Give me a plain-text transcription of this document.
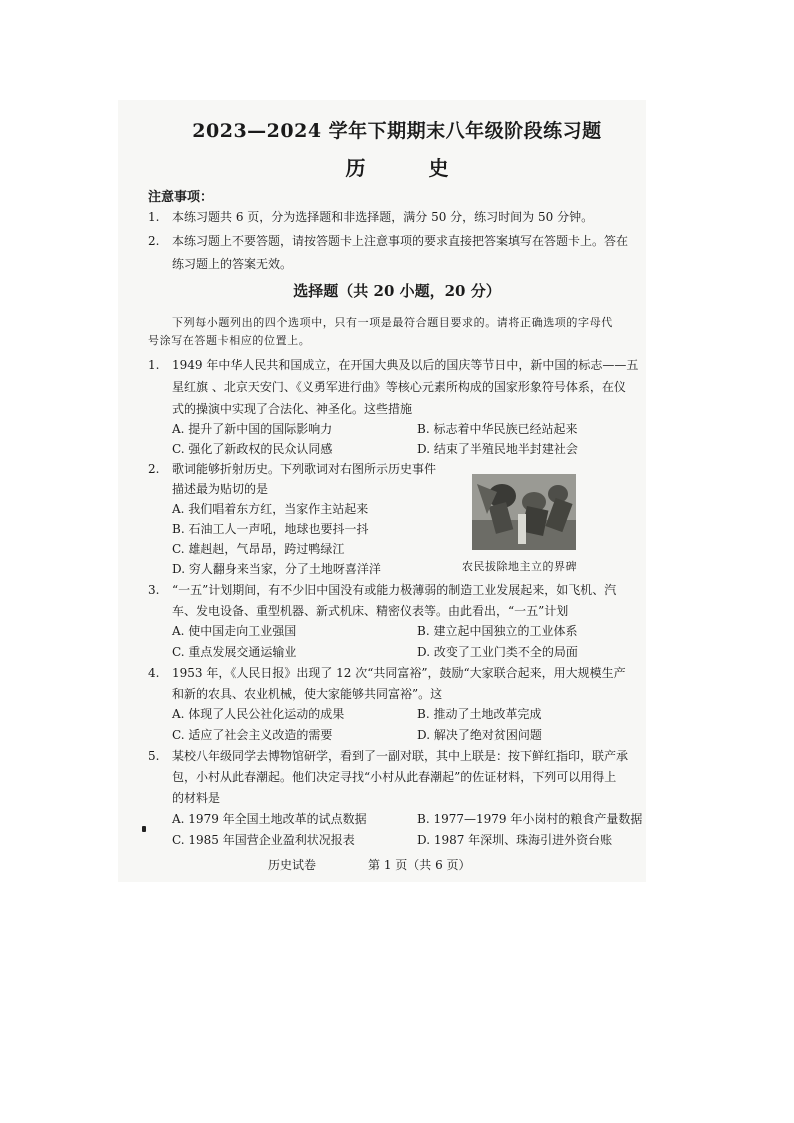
2023—2024 学年下期期末八年级阶段练习题
历 史
注意事项：
1. 本练习题共 6 页，分为选择题和非选择题，满分 50 分，练习时间为 50 分钟。
2. 本练习题上不要答题，请按答题卡上注意事项的要求直接把答案填写在答题卡上。答在
练习题上的答案无效。
选择题（共 20 小题，20 分）
下列每小题列出的四个选项中，只有一项是最符合题目要求的。请将正确选项的字母代
号涂写在答题卡相应的位置上。
1. 1949 年中华人民共和国成立，在开国大典及以后的国庆等节日中，新中国的标志——五
星红旗 、北京天安门、《义勇军进行曲》等核心元素所构成的国家形象符号体系，在仪
式的操演中实现了合法化、神圣化。这些措施
A. 提升了新中国的国际影响力	B. 标志着中华民族已经站起来
C. 强化了新政权的民众认同感	D. 结束了半殖民地半封建社会
2. 歌词能够折射历史。下列歌词对右图所示历史事件
描述最为贴切的是
A. 我们唱着东方红，当家作主站起来
B. 石油工人一声吼，地球也要抖一抖
C. 雄赳赳，气昂昂，跨过鸭绿江
D. 穷人翻身来当家，分了土地呀喜洋洋	农民拔除地主立的界碑
3. “一五”计划期间，有不少旧中国没有或能力极薄弱的制造工业发展起来，如飞机、汽
车、发电设备、重型机器、新式机床、精密仪表等。由此看出，“一五”计划
A. 使中国走向工业强国	B. 建立起中国独立的工业体系
C. 重点发展交通运输业	D. 改变了工业门类不全的局面
4. 1953 年，《人民日报》出现了 12 次“共同富裕”，鼓励“大家联合起来，用大规模生产
和新的农具、农业机械，使大家能够共同富裕”。这
A. 体现了人民公社化运动的成果	B. 推动了土地改革完成
C. 适应了社会主义改造的需要	D. 解决了绝对贫困问题
5. 某校八年级同学去博物馆研学，看到了一副对联，其中上联是：按下鲜红指印，联产承
包，小村从此春潮起。他们决定寻找“小村从此春潮起”的佐证材料，下列可以用得上
的材料是
A. 1979 年全国土地改革的试点数据	B. 1977—1979 年小岗村的粮食产量数据
C. 1985 年国营企业盈利状况报表	D. 1987 年深圳、珠海引进外资台账
历史试卷	第 1 页（共 6 页）
